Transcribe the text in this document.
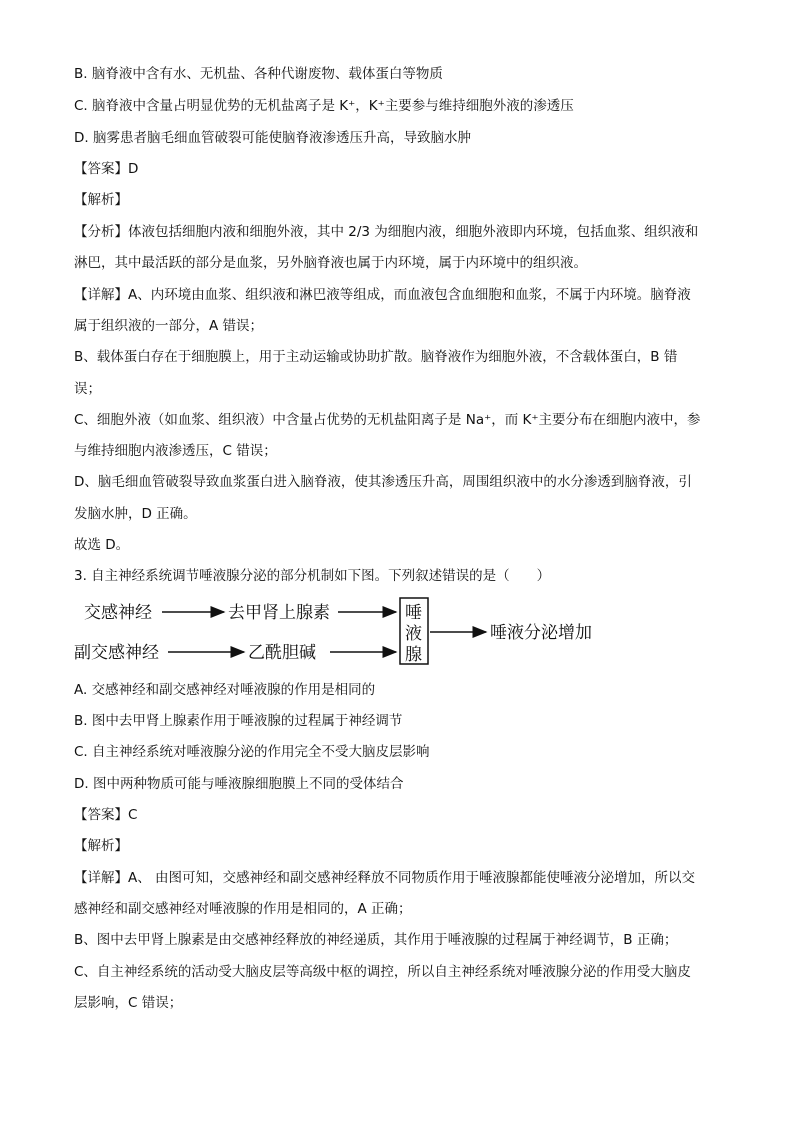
B. 脑脊液中含有水、无机盐、各种代谢废物、载体蛋白等物质
C. 脑脊液中含量占明显优势的无机盐离子是 K⁺，K⁺主要参与维持细胞外液的渗透压
D. 脑雾患者脑毛细血管破裂可能使脑脊液渗透压升高，导致脑水肿
【答案】D
【解析】
【分析】体液包括细胞内液和细胞外液，其中 2/3 为细胞内液，细胞外液即内环境，包括血浆、组织液和
淋巴，其中最活跃的部分是血浆，另外脑脊液也属于内环境，属于内环境中的组织液。
【详解】A、内环境由血浆、组织液和淋巴液等组成，而血液包含血细胞和血浆，不属于内环境。脑脊液
属于组织液的一部分，A 错误；
B、载体蛋白存在于细胞膜上，用于主动运输或协助扩散。脑脊液作为细胞外液，不含载体蛋白，B 错
误；
C、细胞外液（如血浆、组织液）中含量占优势的无机盐阳离子是 Na⁺，而 K⁺主要分布在细胞内液中，参
与维持细胞内液渗透压，C 错误；
D、脑毛细血管破裂导致血浆蛋白进入脑脊液，使其渗透压升高，周围组织液中的水分渗透到脑脊液，引
发脑水肿，D 正确。
故选 D。
3. 自主神经系统调节唾液腺分泌的部分机制如下图。下列叙述错误的是（　　）
交感神经	去甲肾上腺素
副交感神经	乙酰胆碱
唾
液
腺
唾液分泌增加
A. 交感神经和副交感神经对唾液腺的作用是相同的
B. 图中去甲肾上腺素作用于唾液腺的过程属于神经调节
C. 自主神经系统对唾液腺分泌的作用完全不受大脑皮层影响
D. 图中两种物质可能与唾液腺细胞膜上不同的受体结合
【答案】C
【解析】
【详解】A、 由图可知，交感神经和副交感神经释放不同物质作用于唾液腺都能使唾液分泌增加，所以交
感神经和副交感神经对唾液腺的作用是相同的，A 正确；
B、图中去甲肾上腺素是由交感神经释放的神经递质，其作用于唾液腺的过程属于神经调节，B 正确；
C、自主神经系统的活动受大脑皮层等高级中枢的调控，所以自主神经系统对唾液腺分泌的作用受大脑皮
层影响，C 错误；
